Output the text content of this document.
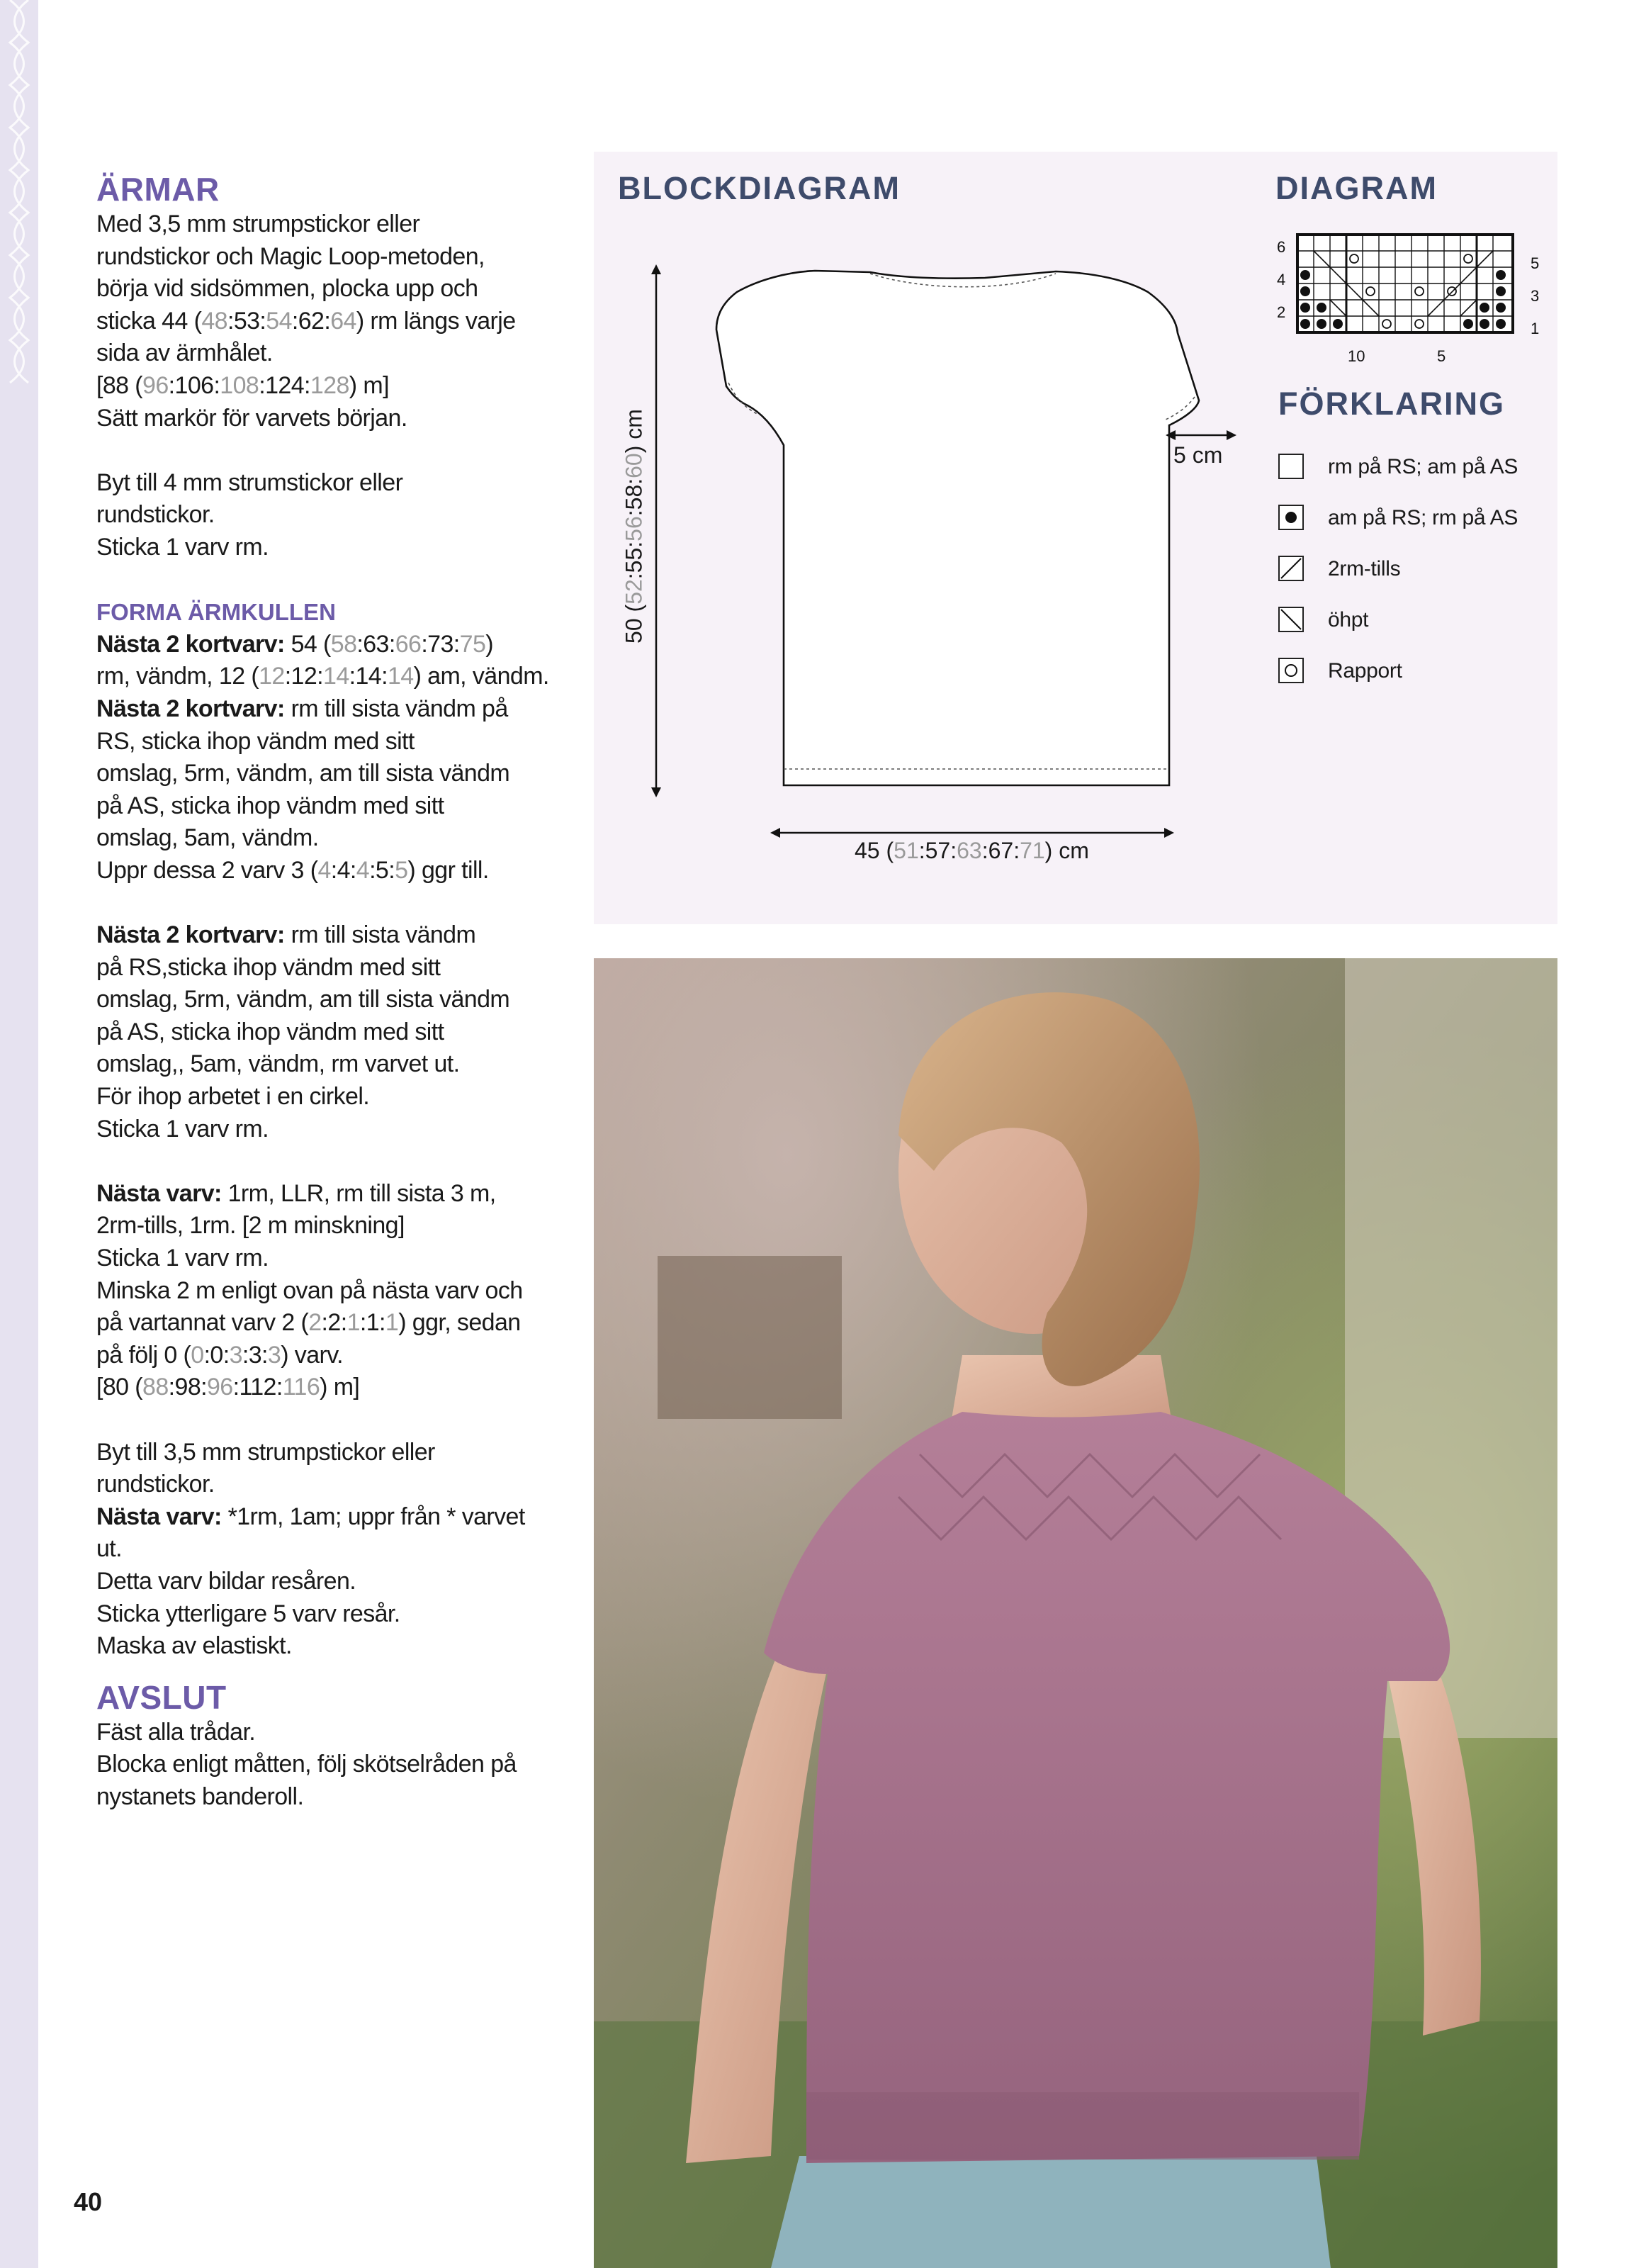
ÄRMAR

Med 3,5 mm strumpstickor eller

rundstickor och Magic Loop-metoden,

börja vid sidsömmen, plocka upp och

sticka 44 (48:53:54:62:64) rm längs varje

sida av ärmhålet.

[88 (96:106:108:124:128) m]

Sätt markör för varvets början.

Byt till 4 mm strumstickor eller

rundstickor.

Sticka 1 varv rm.

FORMA ÄRMKULLEN

Nästa 2 kortvarv: 54 (58:63:66:73:75)

rm, vändm, 12 (12:12:14:14:14) am, vändm.

Nästa 2 kortvarv: rm till sista vändm på

RS, sticka ihop vändm med sitt

omslag, 5rm, vändm, am till sista vändm

på AS, sticka ihop vändm med sitt

omslag, 5am, vändm.

Uppr dessa 2 varv 3 (4:4:4:5:5) ggr till.

Nästa 2 kortvarv: rm till sista vändm

på RS,sticka ihop vändm med sitt

omslag, 5rm, vändm, am till sista vändm

på AS, sticka ihop vändm med sitt

omslag,, 5am, vändm, rm varvet ut.

För ihop arbetet i en cirkel.

Sticka 1 varv rm.

Nästa varv: 1rm, LLR, rm till sista 3 m,

2rm-tills, 1rm. [2 m minskning]

Sticka 1 varv rm.

Minska 2 m enligt ovan på nästa varv och

på vartannat varv 2 (2:2:1:1:1) ggr, sedan

på följ 0 (0:0:3:3:3) varv.

[80 (88:98:96:112:116) m]

Byt till 3,5 mm strumpstickor eller

rundstickor.

Nästa varv: *1rm, 1am; uppr från * varvet

ut.

Detta varv bildar resåren.

Sticka ytterligare 5 varv resår.

Maska av elastiskt.

AVSLUT

Fäst alla trådar.

Blocka enligt måtten, följ skötselråden på

nystanets banderoll.

40
BLOCKDIAGRAM	DIAGRAM
FÖRKLARING
50 (52:55:56:58:60) cm
45 (51:57:63:67:71) cm
5 cm
6
4
2
5
3
1
10	5
rm på RS; am på AS
am på RS; rm på AS
2rm-tills
öhpt
Rapport
